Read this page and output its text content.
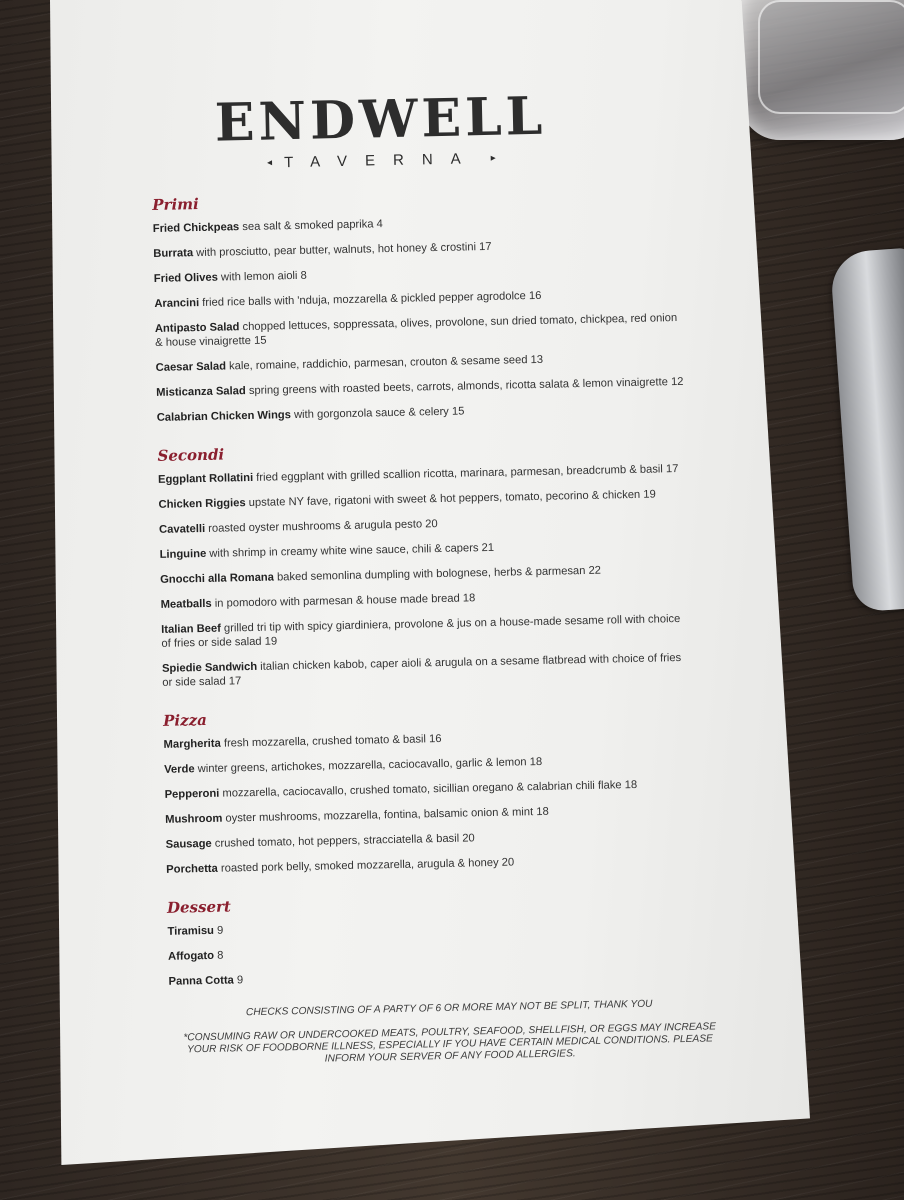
ENDWELL
◂ TAVERNA ▸
Primi
Fried Chickpeas sea salt & smoked paprika 4
Burrata with prosciutto, pear butter, walnuts, hot honey & crostini 17
Fried Olives with lemon aioli 8
Arancini fried rice balls with 'nduja, mozzarella & pickled pepper agrodolce 16
Antipasto Salad chopped lettuces, soppressata, olives, provolone, sun dried tomato, chickpea, red onion & house vinaigrette 15
Caesar Salad kale, romaine, raddichio, parmesan, crouton & sesame seed 13
Misticanza Salad spring greens with roasted beets, carrots, almonds, ricotta salata & lemon vinaigrette 12
Calabrian Chicken Wings with gorgonzola sauce & celery 15
Secondi
Eggplant Rollatini fried eggplant with grilled scallion ricotta, marinara, parmesan, breadcrumb & basil 17
Chicken Riggies upstate NY fave, rigatoni with sweet & hot peppers, tomato, pecorino & chicken 19
Cavatelli roasted oyster mushrooms & arugula pesto 20
Linguine with shrimp in creamy white wine sauce, chili & capers 21
Gnocchi alla Romana baked semonlina dumpling with bolognese, herbs & parmesan 22
Meatballs in pomodoro with parmesan & house made bread 18
Italian Beef grilled tri tip with spicy giardiniera, provolone & jus on a house-made sesame roll with choice of fries or side salad 19
Spiedie Sandwich italian chicken kabob, caper aioli & arugula on a sesame flatbread with choice of fries or side salad 17
Pizza
Margherita fresh mozzarella, crushed tomato & basil 16
Verde winter greens, artichokes, mozzarella, caciocavallo, garlic & lemon 18
Pepperoni mozzarella, caciocavallo, crushed tomato, sicillian oregano & calabrian chili flake 18
Mushroom oyster mushrooms, mozzarella, fontina, balsamic onion & mint 18
Sausage crushed tomato, hot peppers, stracciatella & basil 20
Porchetta roasted pork belly, smoked mozzarella, arugula & honey 20
Dessert
Tiramisu 9
Affogato 8
Panna Cotta 9
CHECKS CONSISTING OF A PARTY OF 6 OR MORE MAY NOT BE SPLIT, THANK YOU
*CONSUMING RAW OR UNDERCOOKED MEATS, POULTRY, SEAFOOD, SHELLFISH, OR EGGS MAY INCREASE YOUR RISK OF FOODBORNE ILLNESS, ESPECIALLY IF YOU HAVE CERTAIN MEDICAL CONDITIONS. PLEASE INFORM YOUR SERVER OF ANY FOOD ALLERGIES.
